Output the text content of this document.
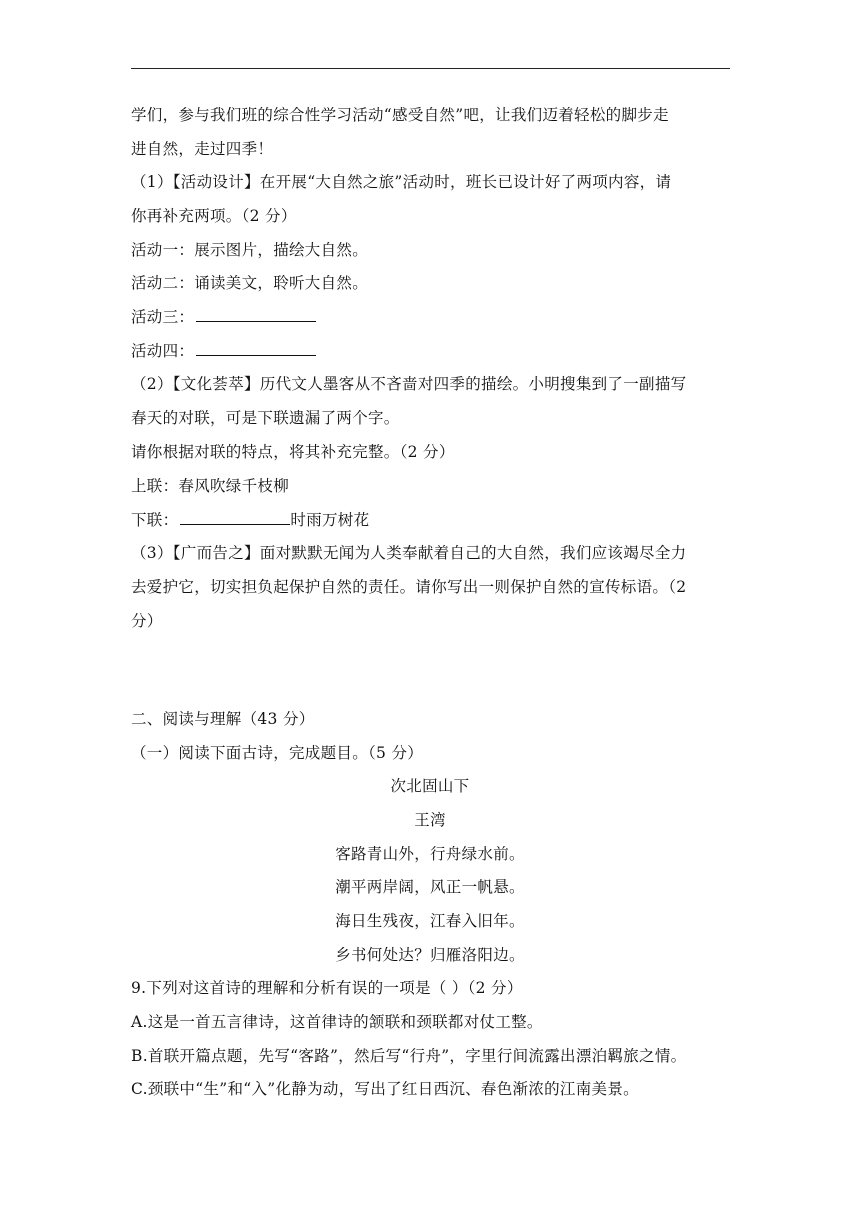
学们，参与我们班的综合性学习活动“感受自然”吧，让我们迈着轻松的脚步走
进自然，走过四季！
（1）【活动设计】在开展“大自然之旅”活动时，班长已设计好了两项内容，请
你再补充两项。（2 分）
活动一：展示图片，描绘大自然。
活动二：诵读美文，聆听大自然。
活动三：
活动四：
（2）【文化荟萃】历代文人墨客从不吝啬对四季的描绘。小明搜集到了一副描写
春天的对联，可是下联遗漏了两个字。
请你根据对联的特点，将其补充完整。（2 分）
上联：春风吹绿千枝柳
下联：	时雨万树花
（3）【广而告之】面对默默无闻为人类奉献着自己的大自然，我们应该竭尽全力
去爱护它，切实担负起保护自然的责任。请你写出一则保护自然的宣传标语。（2
分）
二、阅读与理解（43 分）
（一）阅读下面古诗，完成题目。（5 分）
次北固山下
王湾
客路青山外，行舟绿水前。
潮平两岸阔，风正一帆悬。
海日生残夜，江春入旧年。
乡书何处达？归雁洛阳边。
9.下列对这首诗的理解和分析有误的一项是（ ）（2 分）
A.这是一首五言律诗，这首律诗的颔联和颈联都对仗工整。
B.首联开篇点题，先写“客路”，然后写“行舟”，字里行间流露出漂泊羁旅之情。
C.颈联中“生”和“入”化静为动，写出了红日西沉、春色渐浓的江南美景。
